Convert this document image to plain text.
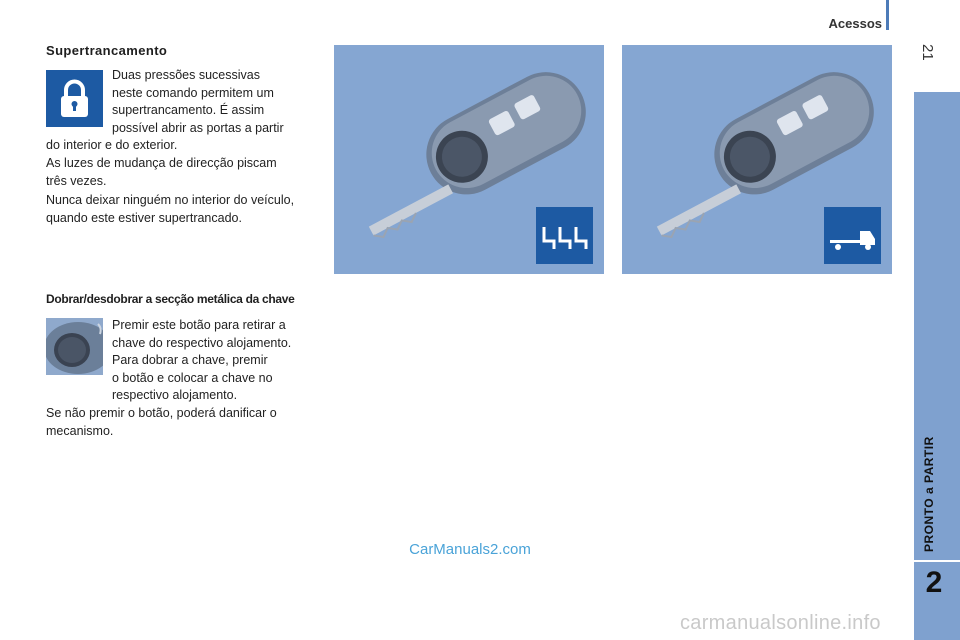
Acessos
21
PRONTO a PARTIR
2
Supertrancamento
Duas pressões sucessivas
neste comando permitem um
supertrancamento. É assim
possível abrir as portas a partir
do interior e do exterior.
As luzes de mudança de direcção piscam
três vezes.
Nunca deixar ninguém no interior do veículo,
quando este estiver supertrancado.
Dobrar/desdobrar a secção metálica da chave
Premir este botão para retirar a
chave do respectivo alojamento.
Para dobrar a chave, premir
o botão e colocar a chave no
respectivo alojamento.
Se não premir o botão, poderá danificar o
mecanismo.
CarManuals2.com
carmanualsonline.info
